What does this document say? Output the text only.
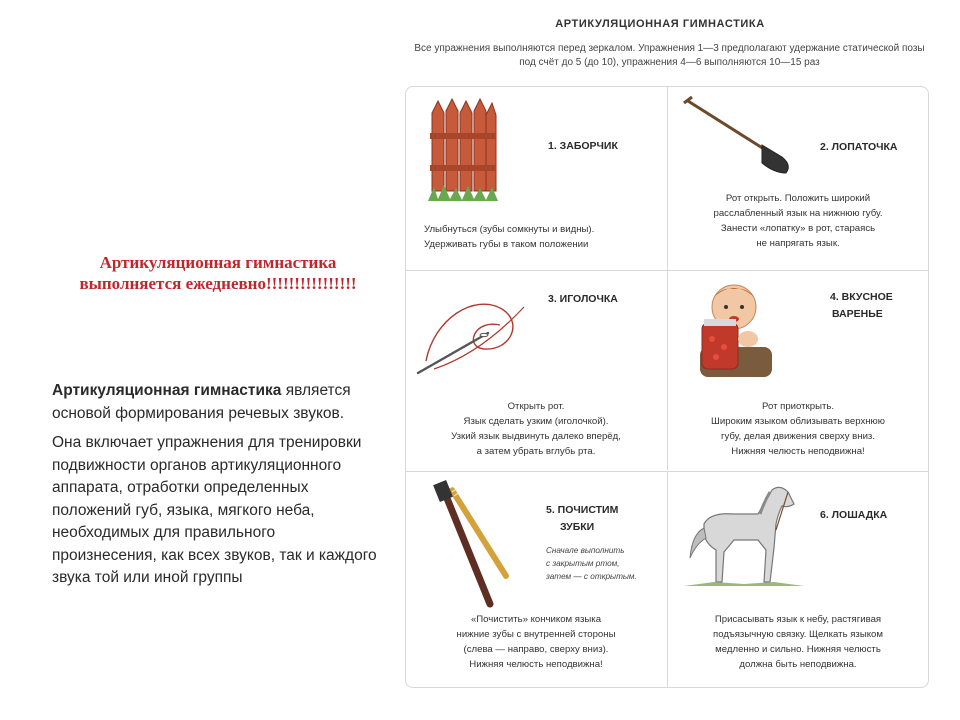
Артикуляционная гимнастика
выполняется ежедневно!!!!!!!!!!!!!!!!

Артикуляционная гимнастика является основой формирования речевых звуков.

Она включает упражнения для тренировки подвижности органов артикуляционного аппарата, отработки определенных положений губ, языка, мягкого неба, необходимых для правильного произнесения, как всех звуков, так и каждого звука той или иной группы

АРТИКУЛЯЦИОННАЯ ГИМНАСТИКА

Все упражнения выполняются перед зеркалом. Упражнения 1—3 предполагают удержание статической позы под счёт до 5 (до 10), упражнения 4—6 выполняются 10—15 раз

1. ЗАБОРЧИК

Улыбнуться (зубы сомкнуты и видны).
Удерживать губы в таком положении

2. ЛОПАТОЧКА

Рот открыть. Положить широкий
расслабленный язык на нижнюю губу.
Занести «лопатку» в рот, стараясь
не напрягать язык.

3. ИГОЛОЧКА

Открыть рот.
Язык сделать узким (иголочкой).
Узкий язык выдвинуть далеко вперёд,
а затем убрать вглубь рта.

4. ВКУСНОЕ
ВАРЕНЬЕ

Рот приоткрыть.
Широким языком облизывать верхнюю
губу, делая движения сверху вниз.
Нижняя челюсть неподвижна!

5. ПОЧИСТИМ
ЗУБКИ
Сначале выполнить
с закрытым ртом,
затем — с открытым.

«Почистить» кончиком языка
нижние зубы с внутренней стороны
(слева — направо, сверху вниз).
Нижняя челюсть неподвижна!

6. ЛОШАДКА

Присасывать язык к небу, растягивая
подъязычную связку. Щелкать языком
медленно и сильно. Нижняя челюсть
должна быть неподвижна.
